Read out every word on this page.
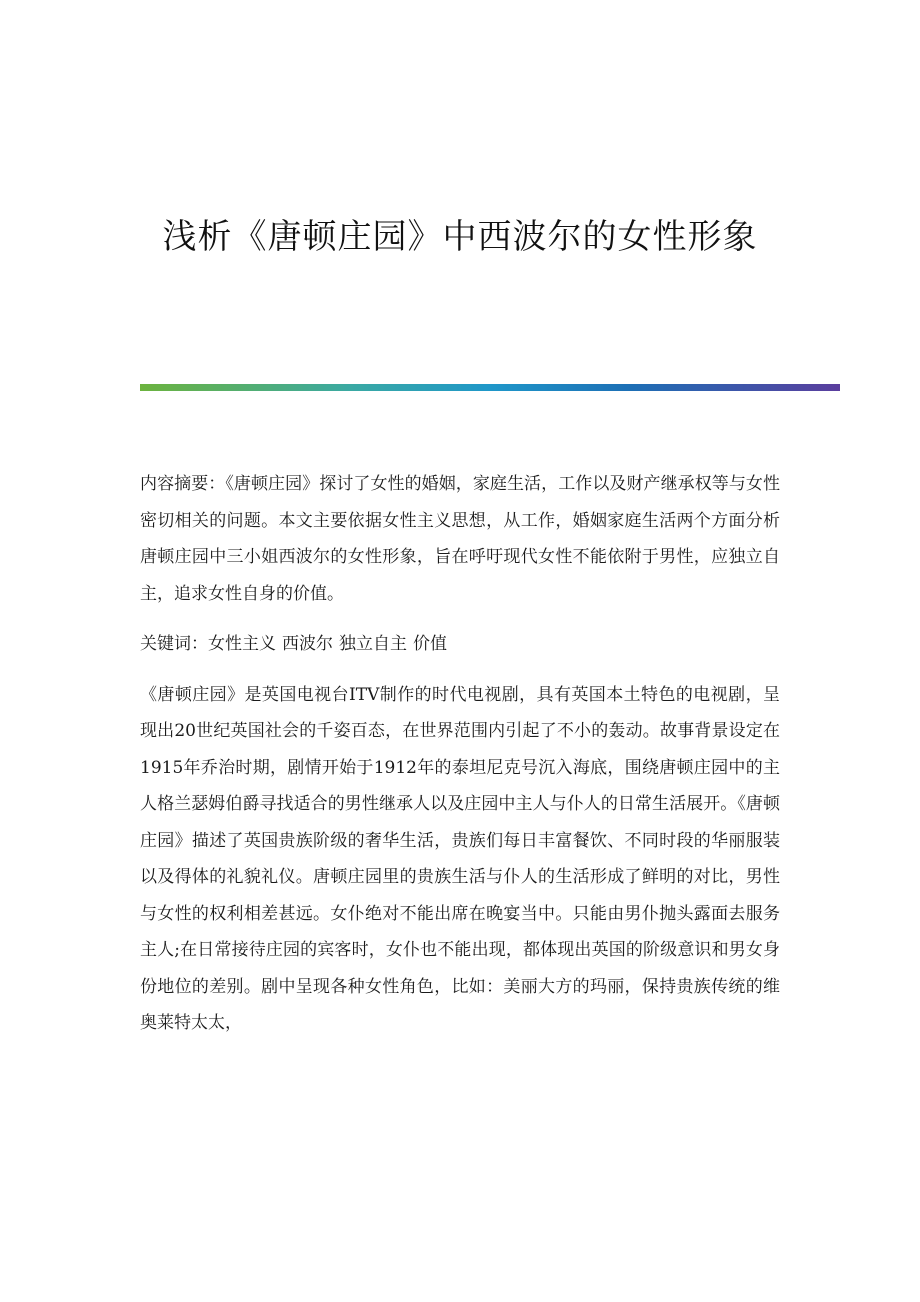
浅析《唐顿庄园》中西波尔的女性形象

内容摘要：《唐顿庄园》探讨了女性的婚姻，家庭生活，工作以及财产继承权等与女性密切相关的问题。本文主要依据女性主义思想，从工作，婚姻家庭生活两个方面分析唐顿庄园中三小姐西波尔的女性形象，旨在呼吁现代女性不能依附于男性，应独立自主，追求女性自身的价值。

关键词：女性主义 西波尔 独立自主 价值

《唐顿庄园》是英国电视台ITV制作的时代电视剧，具有英国本土特色的电视剧，呈现出20世纪英国社会的千姿百态，在世界范围内引起了不小的轰动。故事背景设定在1915年乔治时期，剧情开始于1912年的泰坦尼克号沉入海底，围绕唐顿庄园中的主人格兰瑟姆伯爵寻找适合的男性继承人以及庄园中主人与仆人的日常生活展开。《唐顿庄园》描述了英国贵族阶级的奢华生活，贵族们每日丰富餐饮、不同时段的华丽服装以及得体的礼貌礼仪。唐顿庄园里的贵族生活与仆人的生活形成了鲜明的对比，男性与女性的权利相差甚远。女仆绝对不能出席在晚宴当中。只能由男仆抛头露面去服务主人;在日常接待庄园的宾客时，女仆也不能出现，都体现出英国的阶级意识和男女身份地位的差别。剧中呈现各种女性角色，比如：美丽大方的玛丽，保持贵族传统的维奥莱特太太，
